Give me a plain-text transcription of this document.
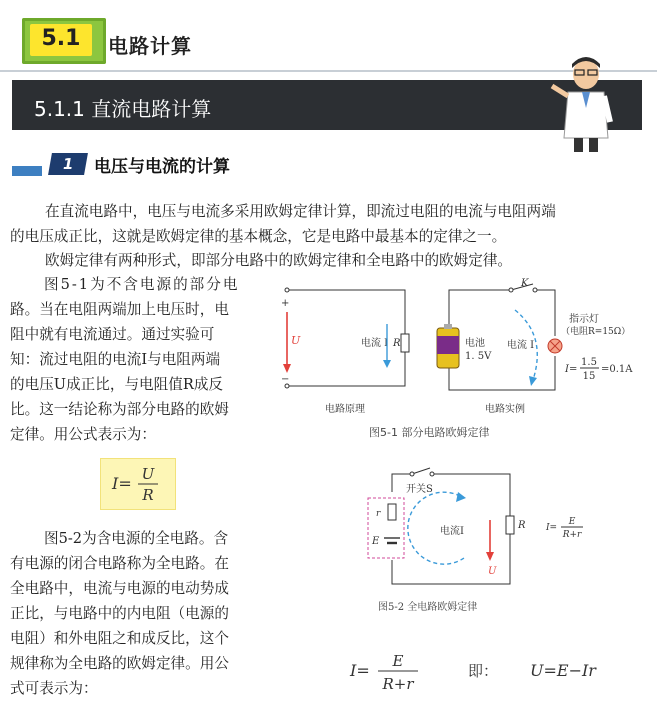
5.1	电路计算
5.1.1 直流电路计算
1	电压与电流的计算

在直流电路中，电压与电流多采用欧姆定律计算，即流过电阻的电流与电阻两端

的电压成正比，这就是欧姆定律的基本概念，它是电路中最基本的定律之一。

欧姆定律有两种形式，即部分电路中的欧姆定律和全电路中的欧姆定律。

图5-1为不含电源的部分电

路。当在电阻两端加上电压时，电

阻中就有电流通过。通过实验可

知：流过电阻的电流I与电阻两端

的电压U成正比，与电阻值R成反

比。这一结论称为部分电路的欧姆

定律。用公式表示为：

I= U
R

图5-2为含电源的全电路。含

有电源的闭合电路称为全电路。在

全电路中，电流与电源的电动势成

正比，与电路中的内电阻（电源的

电阻）和外电阻之和成反比，这个

规律称为全电路的欧姆定律。用公

式可表示为：

+
−
U	电流 I R
电路原理
K
电池
1. 5V
电流 I
指示灯
（电阻R=15Ω）
I=
1.5
15
=0.1A
电路实例
图5-1 部分电路欧姆定律
开关S
r
E
电流I
R
U
I=
E
R+r
图5-2 全电路欧姆定律
I= E
R+r
即： U=E−Ir
